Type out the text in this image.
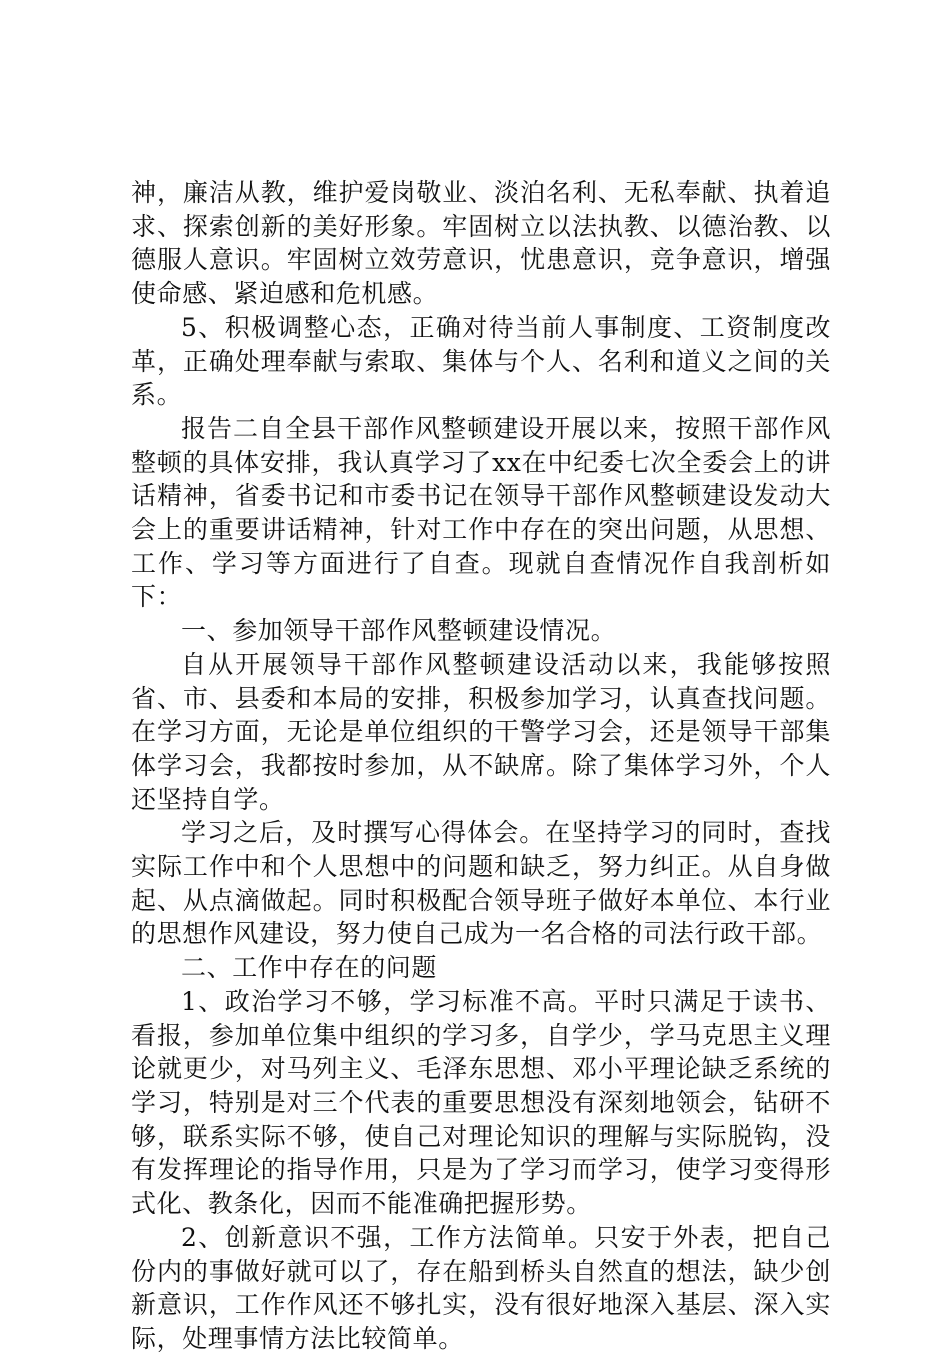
神，廉洁从教，维护爱岗敬业、淡泊名利、无私奉献、执着追求、探索创新的美好形象。牢固树立以法执教、以德治教、以德服人意识。牢固树立效劳意识，忧患意识，竞争意识，增强使命感、紧迫感和危机感。

5、积极调整心态，正确对待当前人事制度、工资制度改革，正确处理奉献与索取、集体与个人、名利和道义之间的关系。

报告二自全县干部作风整顿建设开展以来，按照干部作风整顿的具体安排，我认真学习了xx在中纪委七次全委会上的讲话精神，省委书记和市委书记在领导干部作风整顿建设发动大会上的重要讲话精神，针对工作中存在的突出问题，从思想、工作、学习等方面进行了自查。现就自查情况作自我剖析如下：

一、参加领导干部作风整顿建设情况。

自从开展领导干部作风整顿建设活动以来，我能够按照省、市、县委和本局的安排，积极参加学习，认真查找问题。在学习方面，无论是单位组织的干警学习会，还是领导干部集体学习会，我都按时参加，从不缺席。除了集体学习外，个人还坚持自学。

学习之后，及时撰写心得体会。在坚持学习的同时，查找实际工作中和个人思想中的问题和缺乏，努力纠正。从自身做起、从点滴做起。同时积极配合领导班子做好本单位、本行业的思想作风建设，努力使自己成为一名合格的司法行政干部。

二、工作中存在的问题

1、政治学习不够，学习标准不高。平时只满足于读书、看报，参加单位集中组织的学习多，自学少，学马克思主义理论就更少，对马列主义、毛泽东思想、邓小平理论缺乏系统的学习，特别是对三个代表的重要思想没有深刻地领会，钻研不够，联系实际不够，使自己对理论知识的理解与实际脱钩，没有发挥理论的指导作用，只是为了学习而学习，使学习变得形式化、教条化，因而不能准确把握形势。

2、创新意识不强，工作方法简单。只安于外表，把自己份内的事做好就可以了，存在船到桥头自然直的想法，缺少创新意识，工作作风还不够扎实，没有很好地深入基层、深入实际，处理事情方法比较简单。
